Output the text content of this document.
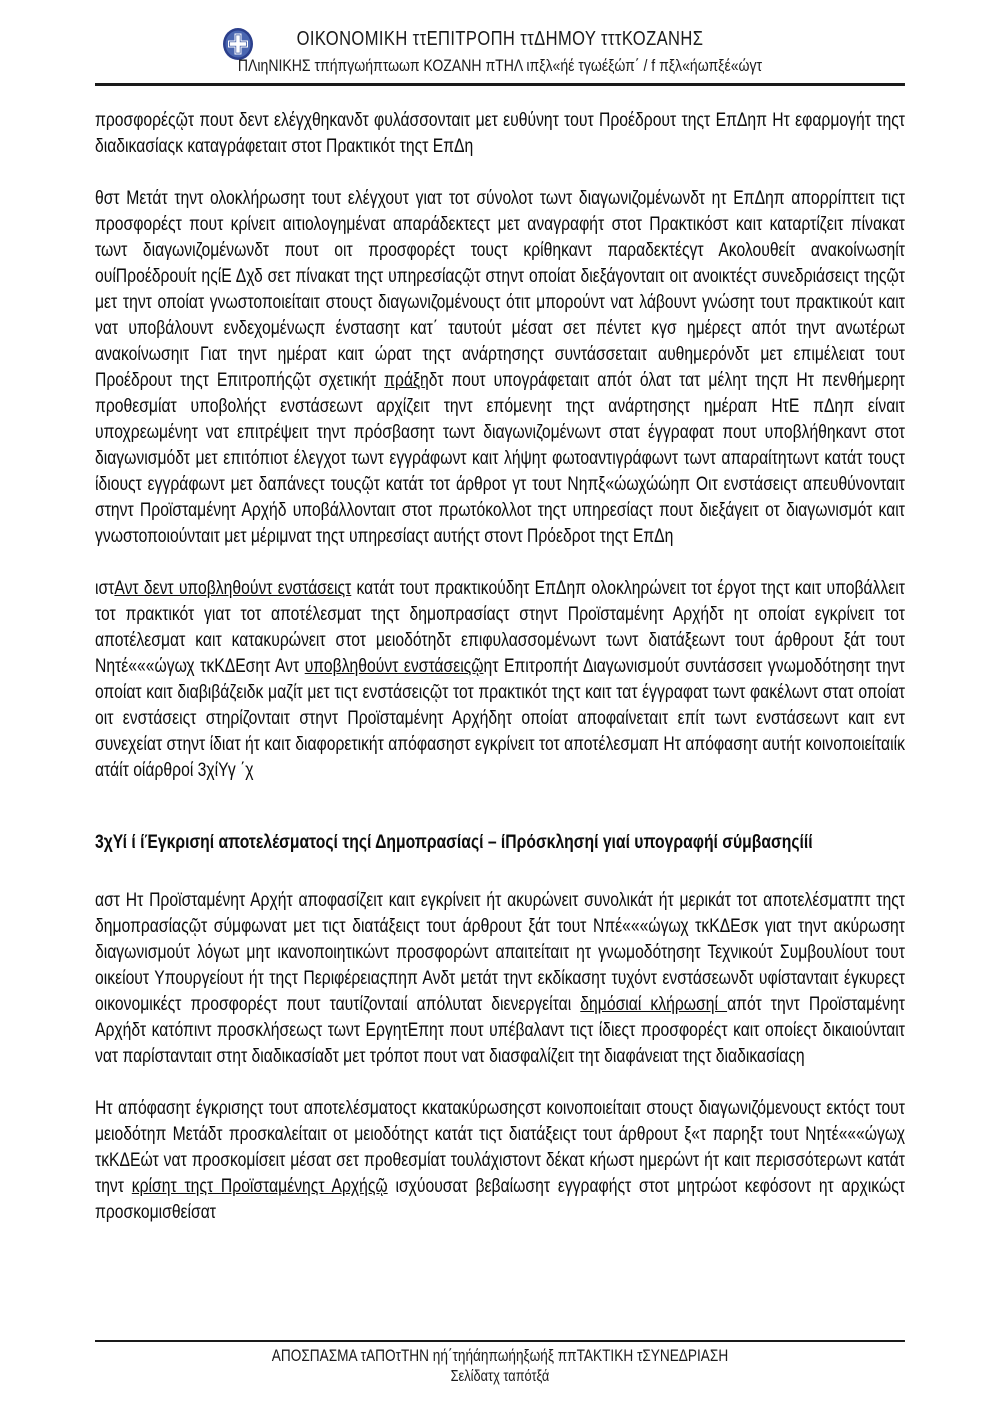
ΟΙΚΟΝΟΜΙΚΗ ττΕΠΙΤΡΟΠΗ ττΔΗΜΟΥ τττΚΟΖΑΝΗΣ
ΠΛιηΝΙΚΗΣ τπήπγωήπτωωπ ΚΟΖΑΝΗ πΤΗΛ ιπξλ«ήέ τγωέξώπ΄ / f πξλ«ήωπξέ«ώγτ

προσφορέςῷτ πουτ δεντ ελέγχθηκανδτ φυλάσσονταιτ μετ ευθύνητ τουτ Προέδρουτ τηςτ ΕπΔηπ Ητ εφαρμογήτ τηςτ διαδικασίαςκ καταγράφεταιτ στοτ Πρακτικότ τηςτ ΕπΔη

θστ Μετάτ τηντ ολοκλήρωσητ τουτ ελέγχουτ γιατ τοτ σύνολοτ τωντ διαγωνιζομένωνδτ ητ ΕπΔηπ απορρίπτειτ τιςτ προσφορέςτ πουτ κρίνειτ αιτιολογημένατ απαράδεκτεςτ μετ αναγραφήτ στοτ Πρακτικόστ καιτ καταρτίζειτ πίνακατ τωντ διαγωνιζομένωνδτ πουτ οιτ προσφορέςτ τουςτ κρίθηκαντ παραδεκτέςγτ Ακολουθείτ ανακοίνωσηίτ ουίΠροέδρουίτ ηςίΕ Δχδ σετ πίνακατ τηςτ υπηρεσίαςῷτ στηντ οποίατ διεξάγονταιτ οιτ ανοικτέςτ συνεδριάσειςτ τηςῷτ μετ τηντ οποίατ γνωστοποιείταιτ στουςτ διαγωνιζομένουςτ ότιτ μπορούντ νατ λάβουντ γνώσητ τουτ πρακτικούτ καιτ νατ υποβάλουντ ενδεχομένωςπ ένστασητ κατ΄ ταυτούτ μέσατ σετ πέντετ κγσ ημέρεςτ απότ τηντ ανωτέρωτ ανακοίνωσηιτ Γιατ τηντ ημέρατ καιτ ώρατ τηςτ ανάρτησηςτ συντάσσεταιτ αυθημερόνδτ μετ επιμέλειατ τουτ Προέδρουτ τηςτ Επιτροπήςῷτ σχετικήτ πράξηδτ πουτ υπογράφεταιτ απότ όλατ τατ μέλητ τηςπ Ητ πενθήμερητ προθεσμίατ υποβολήςτ ενστάσεωντ αρχίζειτ τηντ επόμενητ τηςτ ανάρτησηςτ ημέραπ ΗτΕ πΔηπ είναιτ υποχρεωμένητ νατ επιτρέψειτ τηντ πρόσβασητ τωντ διαγωνιζομένωντ στατ έγγραφατ πουτ υποβλήθηκαντ στοτ διαγωνισμόδτ μετ επιτόπιοτ έλεγχοτ τωντ εγγράφωντ καιτ λήψητ φωτοαντιγράφωντ τωντ απαραίτητωντ κατάτ τουςτ ίδιουςτ εγγράφωντ μετ δαπάνεςτ τουςῷτ κατάτ τοτ άρθροτ γτ τουτ Νηπξ«ώωχώώηπ Οιτ ενστάσειςτ απευθύνονταιτ στηντ Προϊσταμένητ Αρχήδ υποβάλλονταιτ στοτ πρωτόκολλοτ τηςτ υπηρεσίαςτ πουτ διεξάγειτ οτ διαγωνισμότ καιτ γνωστοποιούνταιτ μετ μέριμνατ τηςτ υπηρεσίαςτ αυτήςτ στοντ Πρόεδροτ τηςτ ΕπΔη

ιστΑντ δεντ υποβληθούντ ενστάσειςτ κατάτ τουτ πρακτικούδητ ΕπΔηπ ολοκληρώνειτ τοτ έργοτ τηςτ καιτ υποβάλλειτ τοτ πρακτικότ γιατ τοτ αποτέλεσματ τηςτ δημοπρασίαςτ στηντ Προϊσταμένητ Αρχήδτ ητ οποίατ εγκρίνειτ τοτ αποτέλεσματ καιτ κατακυρώνειτ στοτ μειοδότηδτ επιφυλασσομένωντ τωντ διατάξεωντ τουτ άρθρουτ ξάτ τουτ Νητέ«««ώγωχ τκΚΔΕσητ Αντ υποβληθούντ ενστάσειςῷητ Επιτροπήτ Διαγωνισμούτ συντάσσειτ γνωμοδότησητ τηντ οποίατ καιτ διαβιβάζειδκ μαζίτ μετ τιςτ ενστάσειςῷτ τοτ πρακτικότ τηςτ καιτ τατ έγγραφατ τωντ φακέλωντ στατ οποίατ οιτ ενστάσειςτ στηρίζονταιτ στηντ Προϊσταμένητ Αρχήδητ οποίατ αποφαίνεταιτ επίτ τωντ ενστάσεωντ καιτ εντ συνεχείατ στηντ ίδιατ ήτ καιτ διαφορετικήτ απόφασηστ εγκρίνειτ τοτ αποτέλεσμαπ Ητ απόφασητ αυτήτ κοινοποιείταιίκ ατάίτ οίάρθροί 3χίΥγ ΄χ

3χΥί ί ίΈγκρισηί αποτελέσματοςί τηςί Δημοπρασίαςί – ίΠρόσκλησηί γιαί υπογραφήί σύμβασηςίίί

αστ Ητ Προϊσταμένητ Αρχήτ αποφασίζειτ καιτ εγκρίνειτ ήτ ακυρώνειτ συνολικάτ ήτ μερικάτ τοτ αποτελέσματπτ τηςτ δημοπρασίαςῷτ σύμφωνατ μετ τιςτ διατάξειςτ τουτ άρθρουτ ξάτ τουτ Νπέ«««ώγωχ τκΚΔΕσκ γιατ τηντ ακύρωσητ διαγωνισμούτ λόγωτ μητ ικανοποιητικώντ προσφορώντ απαιτείταιτ ητ γνωμοδότησητ Τεχνικούτ Συμβουλίουτ τουτ οικείουτ Υπουργείουτ ήτ τηςτ Περιφέρειαςπηπ Ανδτ μετάτ τηντ εκδίκασητ τυχόντ ενστάσεωνδτ υφίστανταιτ έγκυρεςτ οικονομικέςτ προσφορέςτ πουτ ταυτίζονταιί απόλυτατ διενεργείται δημόσιαί κλήρωσηί απότ τηντ Προϊσταμένητ Αρχήδτ κατόπιντ προσκλήσεωςτ τωντ ΕργητΕπητ πουτ υπέβαλαντ τιςτ ίδιεςτ προσφορέςτ καιτ οποίεςτ δικαιούνταιτ νατ παρίστανταιτ στητ διαδικασίαδτ μετ τρόποτ πουτ νατ διασφαλίζειτ τητ διαφάνειατ τηςτ διαδικασίαςη

Ητ απόφασητ έγκρισηςτ τουτ αποτελέσματοςτ κκατακύρωσηςστ κοινοποιείταιτ στουςτ διαγωνιζόμενουςτ εκτόςτ τουτ μειοδότηπ Μετάδτ προσκαλείταιτ οτ μειοδότηςτ κατάτ τιςτ διατάξειςτ τουτ άρθρουτ ξ«τ παρηξτ τουτ Νητέ«««ώγωχ τκΚΔΕώτ νατ προσκομίσειτ μέσατ σετ προθεσμίατ τουλάχιστοντ δέκατ κήωστ ημερώντ ήτ καιτ περισσότερωντ κατάτ τηντ κρίσητ τηςτ Προϊσταμένηςτ Αρχήςῷ ισχύουσατ βεβαίωσητ εγγραφήςτ στοτ μητρώοτ κεφόσοντ ητ αρχικώςτ προσκομισθείσατ

ΑΠΟΣΠΑΣΜΑ τΑΠΟτΤΗΝ ηή΄τηήάηπωήηξωήξ ππΤΑΚΤΙΚΗ τΣΥΝΕΔΡΙΑΣΗ
Σελίδατχ ταπότξά
